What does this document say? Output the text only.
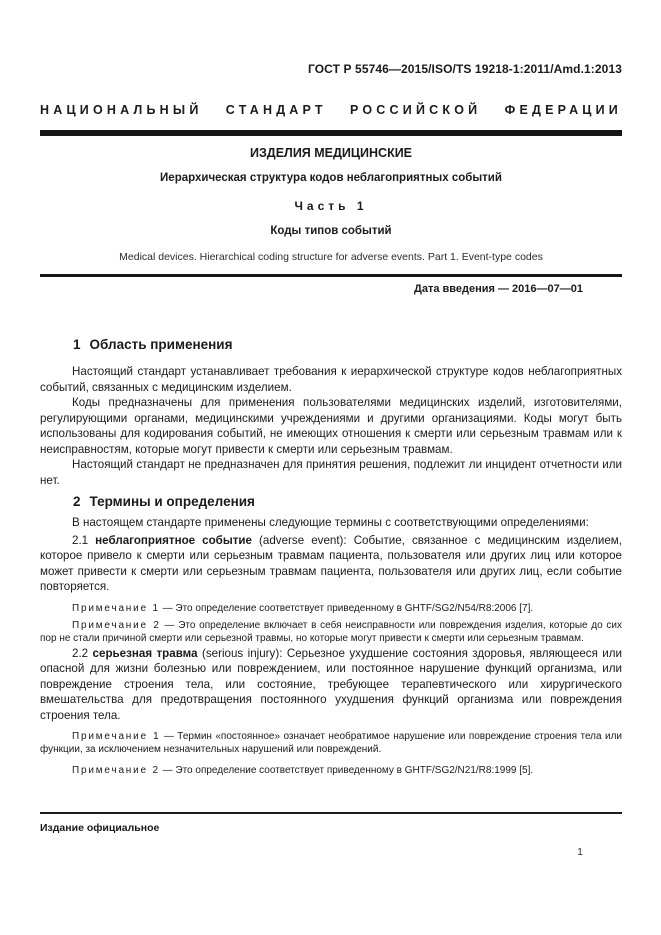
ГОСТ Р 55746—2015/ISO/TS 19218-1:2011/Amd.1:2013
НАЦИОНАЛЬНЫЙ СТАНДАРТ РОССИЙСКОЙ ФЕДЕРАЦИИ
ИЗДЕЛИЯ МЕДИЦИНСКИЕ
Иерархическая структура кодов неблагоприятных событий
Часть 1
Коды типов событий
Medical devices. Hierarchical coding structure for adverse events. Part 1. Event-type codes
Дата введения — 2016—07—01
1 Область применения

Настоящий стандарт устанавливает требования к иерархической структуре кодов неблагоприятных событий, связанных с медицинским изделием.

Коды предназначены для применения пользователями медицинских изделий, изготовителями, регулирующими органами, медицинскими учреждениями и другими организациями. Коды могут быть использованы для кодирования событий, не имеющих отношения к смерти или серьезным травмам или к неисправностям, которые могут привести к смерти или серьезным травмам.

Настоящий стандарт не предназначен для принятия решения, подлежит ли инцидент отчетности или нет.

2 Термины и определения

В настоящем стандарте применены следующие термины с соответствующими определениями:

2.1 неблагоприятное событие (adverse event): Событие, связанное с медицинским изделием, которое привело к смерти или серьезным травмам пациента, пользователя или других лиц или которое может привести к смерти или серьезным травмам пациента, пользователя или других лиц, если событие повторяется.

Примечание 1 — Это определение соответствует приведенному в GHTF/SG2/N54/R8:2006 [7].

Примечание 2 — Это определение включает в себя неисправности или повреждения изделия, которые до сих пор не стали причиной смерти или серьезной травмы, но которые могут привести к смерти или серьезным травмам.

2.2 серьезная травма (serious injury): Серьезное ухудшение состояния здоровья, являющееся или опасной для жизни болезнью или повреждением, или постоянное нарушение функций организма, или повреждение строения тела, или состояние, требующее терапевтического или хирургического вмешательства для предотвращения постоянного ухудшения функций организма или повреждения строения тела.

Примечание 1 — Термин «постоянное» означает необратимое нарушение или повреждение строения тела или функции, за исключением незначительных нарушений или повреждений.

Примечание 2 — Это определение соответствует приведенному в GHTF/SG2/N21/R8:1999 [5].

Издание официальное
1
